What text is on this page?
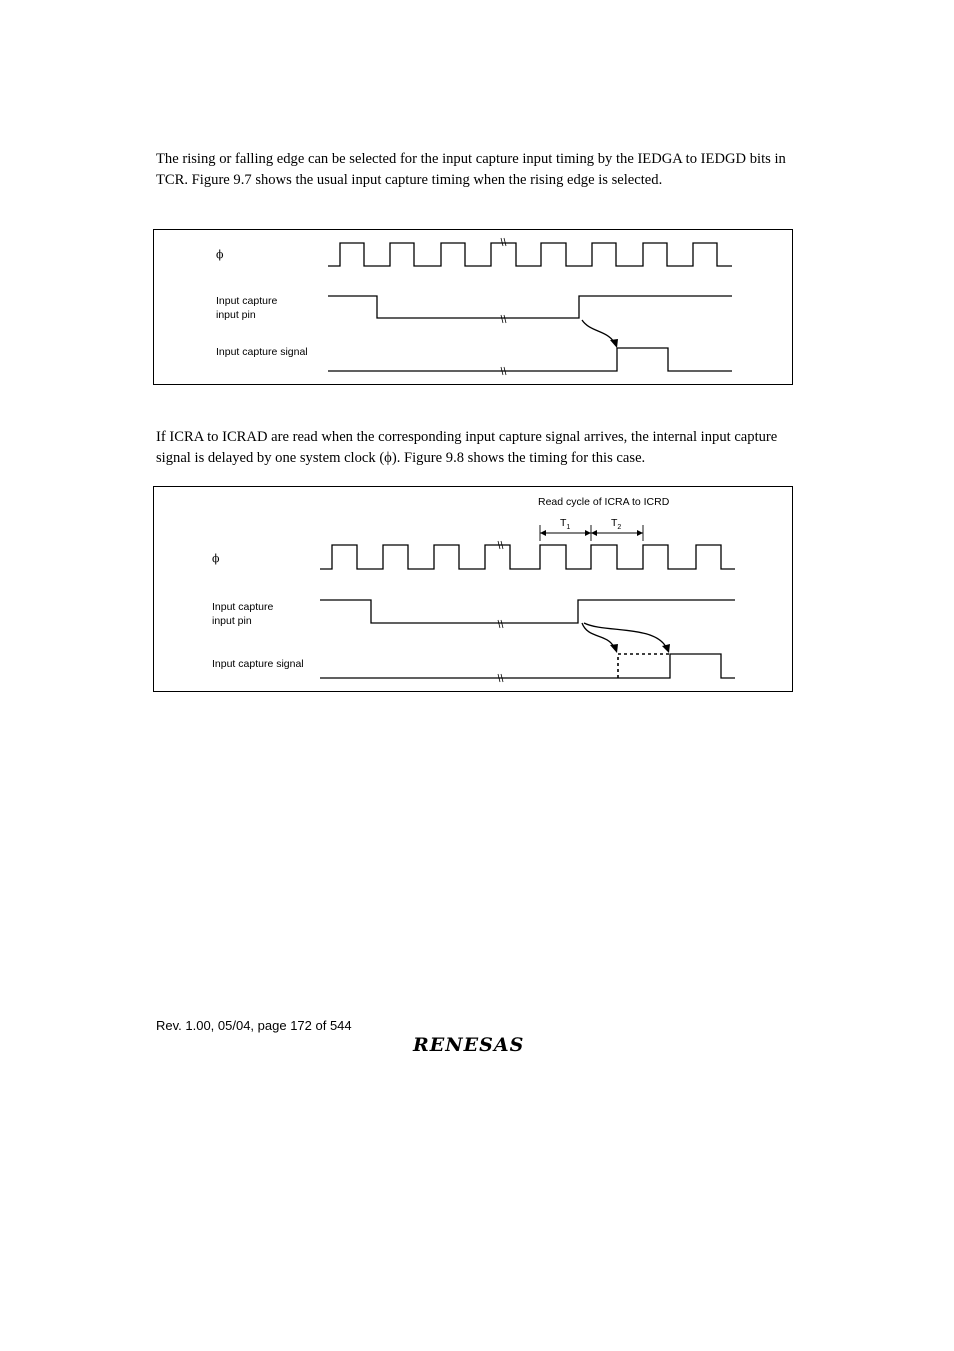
The rising or falling edge can be selected for the input capture input timing by the IEDGA to IEDGD bits in TCR. Figure 9.7 shows the usual input capture timing when the rising edge is selected.

ϕ
Input capture
input pin
Input capture signal

If ICRA to ICRAD are read when the corresponding input capture signal arrives, the internal input capture signal is delayed by one system clock (ϕ). Figure 9.8 shows the timing for this case.

Read cycle of ICRA to ICRD
$T_1$	$T_2$
ϕ
Input capture
input pin
Input capture signal
Rev. 1.00, 05/04, page 172 of 544
RENESAS
